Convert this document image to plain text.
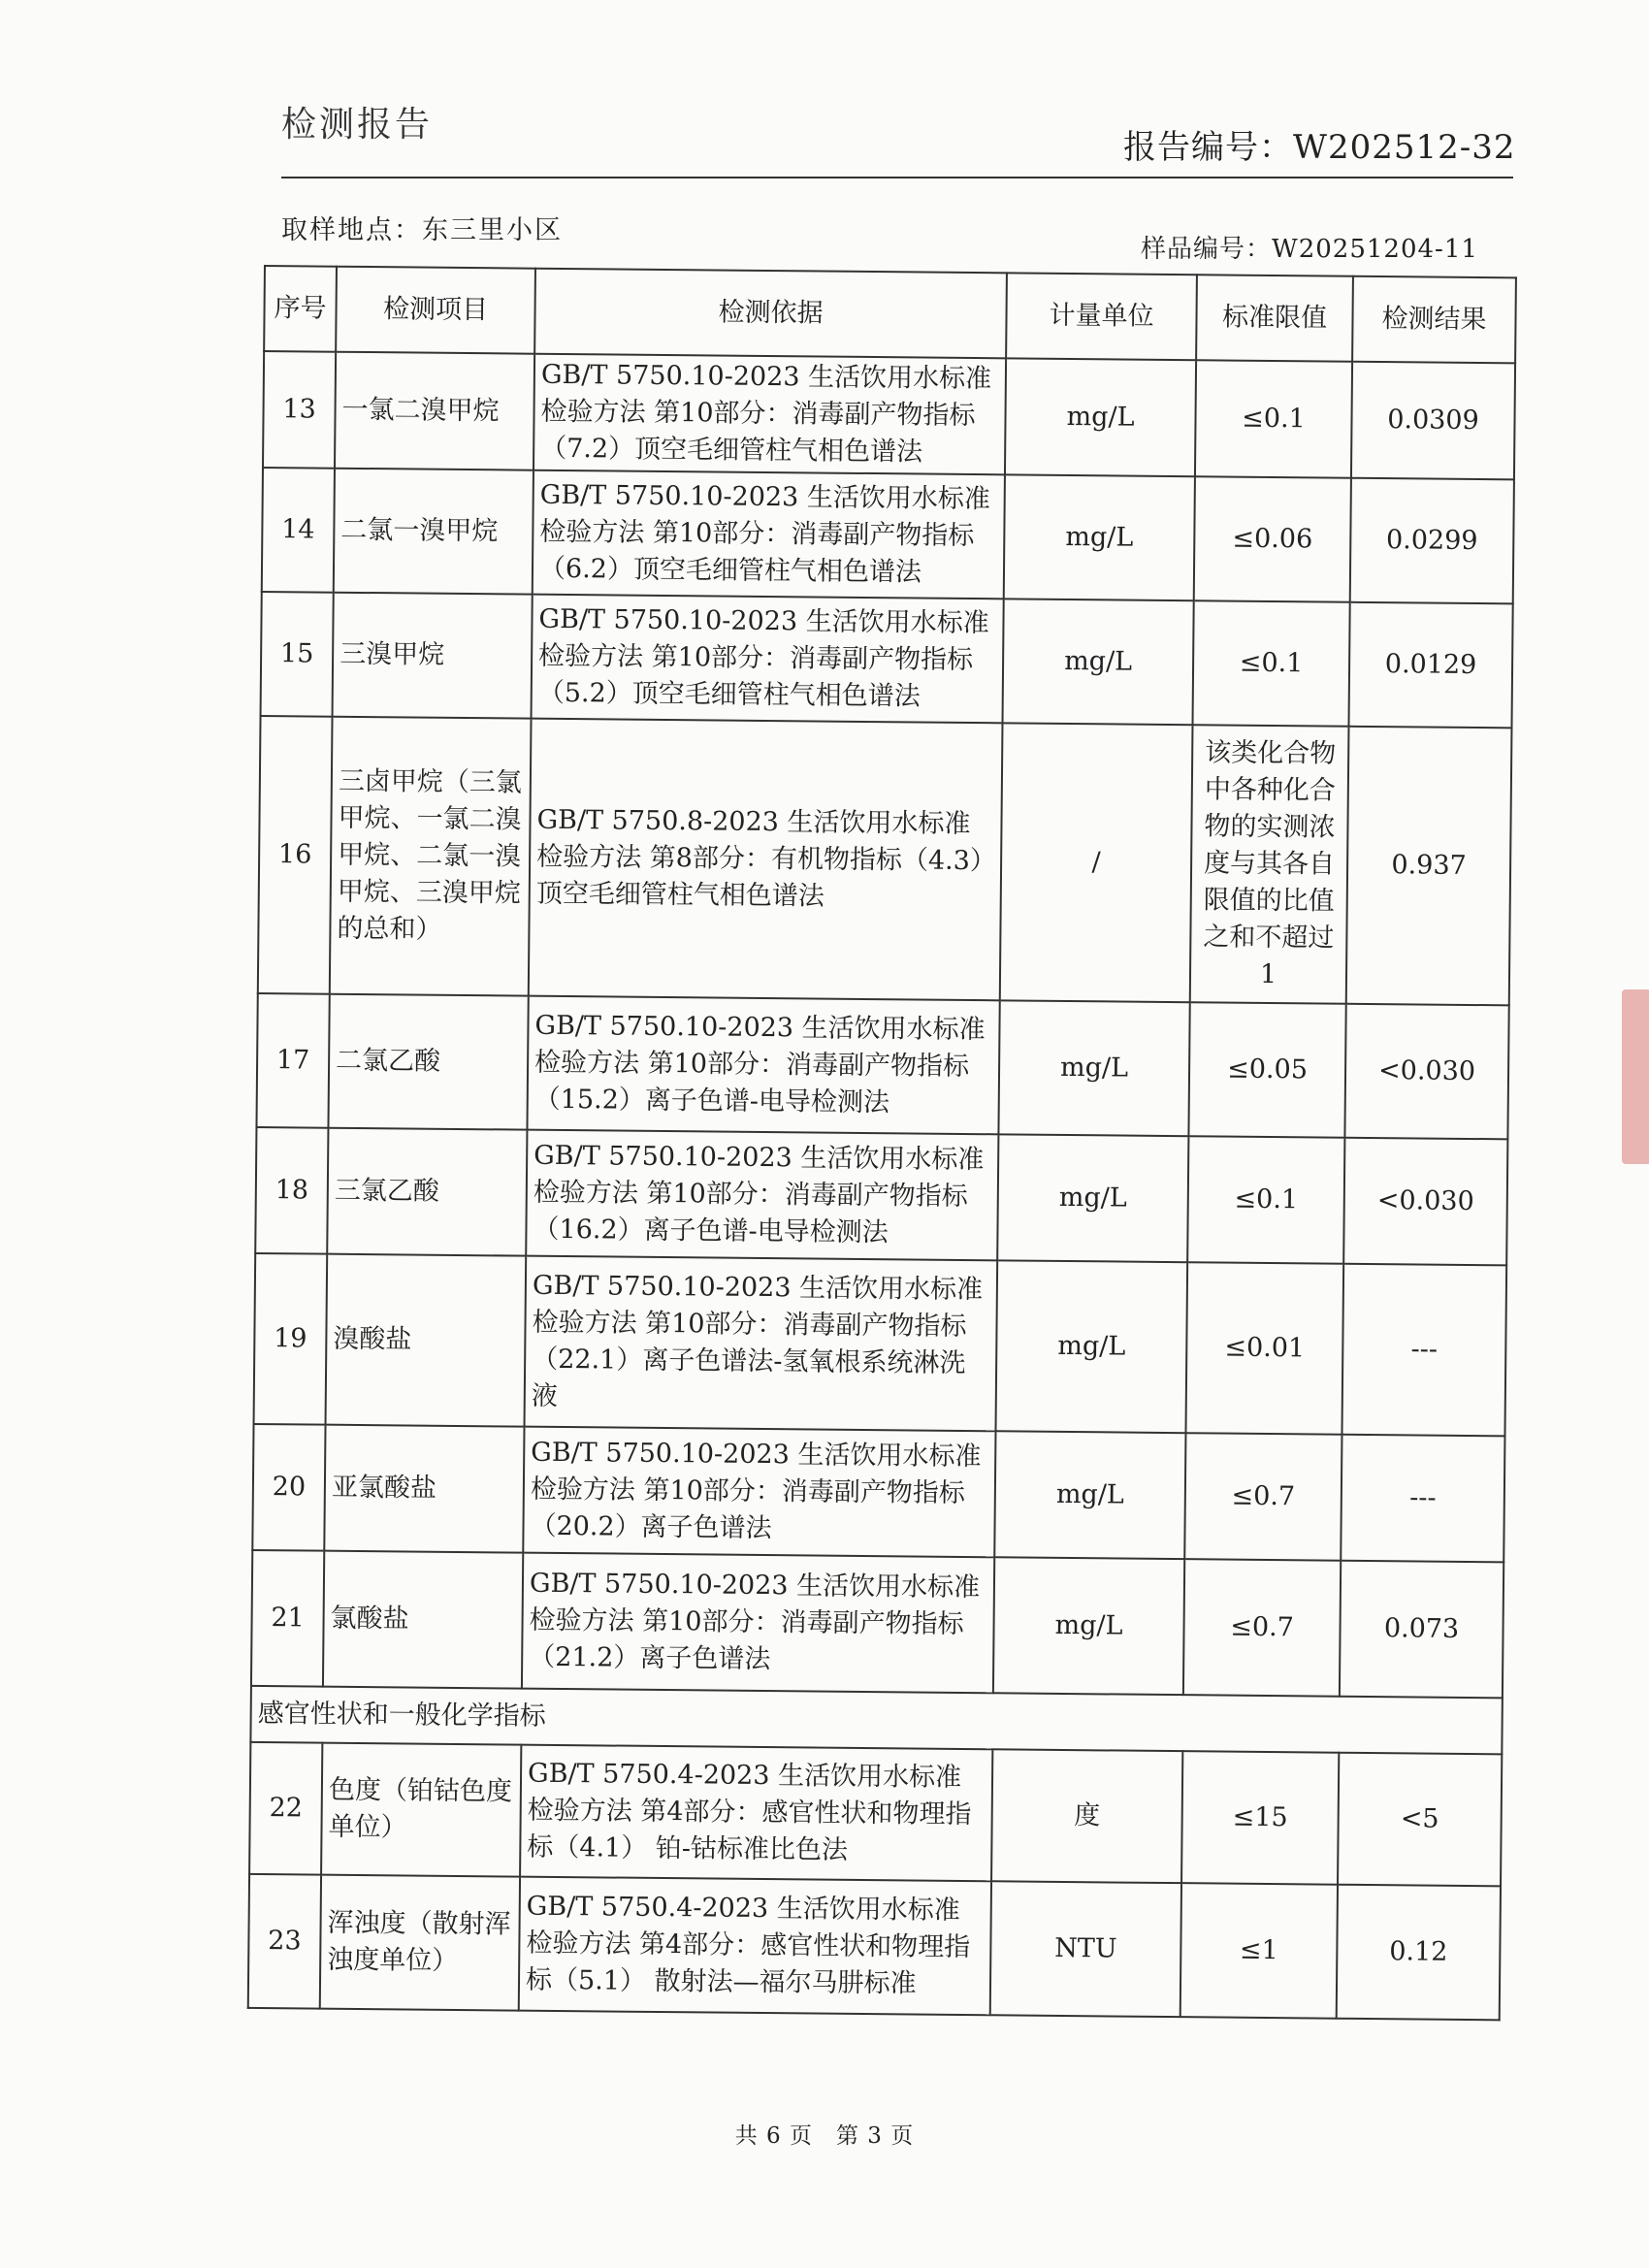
检测报告
报告编号：W202512-32
取样地点：东三里小区
样品编号：W20251204-11
序号	检测项目	检测依据	计量单位	标准限值	检测结果
13	一氯二溴甲烷	GB/T 5750.10-2023 生活饮用水标准检验方法 第10部分：消毒副产物指标（7.2）顶空毛细管柱气相色谱法	mg/L	≤0.1	0.0309
14	二氯一溴甲烷	GB/T 5750.10-2023 生活饮用水标准检验方法 第10部分：消毒副产物指标（6.2）顶空毛细管柱气相色谱法	mg/L	≤0.06	0.0299
15	三溴甲烷	GB/T 5750.10-2023 生活饮用水标准检验方法 第10部分：消毒副产物指标（5.2）顶空毛细管柱气相色谱法	mg/L	≤0.1	0.0129
16	三卤甲烷（三氯甲烷、一氯二溴甲烷、二氯一溴甲烷、三溴甲烷的总和）	GB/T 5750.8-2023 生活饮用水标准检验方法 第8部分：有机物指标（4.3）顶空毛细管柱气相色谱法	/	该类化合物中各种化合物的实测浓度与其各自限值的比值之和不超过1	0.937
17	二氯乙酸	GB/T 5750.10-2023 生活饮用水标准检验方法 第10部分：消毒副产物指标（15.2）离子色谱-电导检测法	mg/L	≤0.05	<0.030
18	三氯乙酸	GB/T 5750.10-2023 生活饮用水标准检验方法 第10部分：消毒副产物指标（16.2）离子色谱-电导检测法	mg/L	≤0.1	<0.030
19	溴酸盐	GB/T 5750.10-2023 生活饮用水标准检验方法 第10部分：消毒副产物指标（22.1）离子色谱法-氢氧根系统淋洗液	mg/L	≤0.01	---
20	亚氯酸盐	GB/T 5750.10-2023 生活饮用水标准检验方法 第10部分：消毒副产物指标（20.2）离子色谱法	mg/L	≤0.7	---
21	氯酸盐	GB/T 5750.10-2023 生活饮用水标准检验方法 第10部分：消毒副产物指标（21.2）离子色谱法	mg/L	≤0.7	0.073
感官性状和一般化学指标					
22	色度（铂钴色度单位）	GB/T 5750.4-2023 生活饮用水标准检验方法 第4部分：感官性状和物理指标（4.1） 铂-钴标准比色法	度	≤15	<5
23	浑浊度（散射浑浊度单位）	GB/T 5750.4-2023 生活饮用水标准检验方法 第4部分：感官性状和物理指标（5.1） 散射法—福尔马肼标准	NTU	≤1	0.12
共 6 页　第 3 页
